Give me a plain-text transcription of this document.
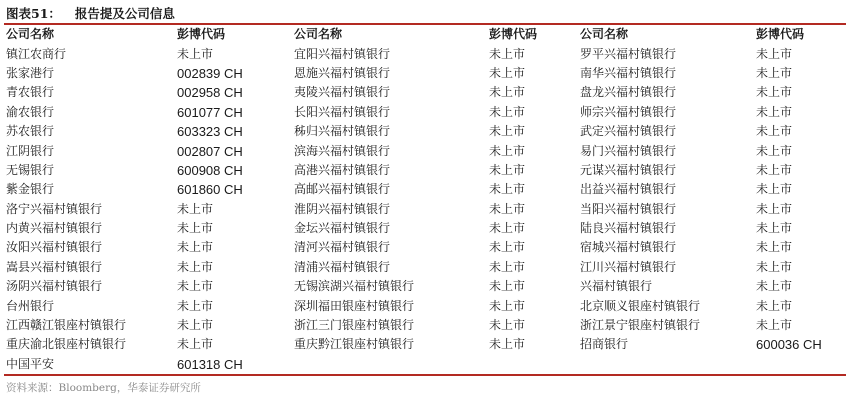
图表51： 报告提及公司信息
公司名称	彭博代码	公司名称	彭博代码	公司名称	彭博代码
镇江农商行	未上市	宜阳兴福村镇银行	未上市	罗平兴福村镇银行	未上市
张家港行	002839 CH	恩施兴福村镇银行	未上市	南华兴福村镇银行	未上市
青农银行	002958 CH	夷陵兴福村镇银行	未上市	盘龙兴福村镇银行	未上市
渝农银行	601077 CH	长阳兴福村镇银行	未上市	师宗兴福村镇银行	未上市
苏农银行	603323 CH	秭归兴福村镇银行	未上市	武定兴福村镇银行	未上市
江阴银行	002807 CH	滨海兴福村镇银行	未上市	易门兴福村镇银行	未上市
无锡银行	600908 CH	高港兴福村镇银行	未上市	元谋兴福村镇银行	未上市
紫金银行	601860 CH	高邮兴福村镇银行	未上市	岀益兴福村镇银行	未上市
洛宁兴福村镇银行	未上市	淮阴兴福村镇银行	未上市	当阳兴福村镇银行	未上市
内黄兴福村镇银行	未上市	金坛兴福村镇银行	未上市	陆良兴福村镇银行	未上市
汝阳兴福村镇银行	未上市	清河兴福村镇银行	未上市	宿城兴福村镇银行	未上市
嵩县兴福村镇银行	未上市	清浦兴福村镇银行	未上市	江川兴福村镇银行	未上市
汤阴兴福村镇银行	未上市	无锡滨湖兴福村镇银行	未上市	兴福村镇银行	未上市
台州银行	未上市	深圳福田银座村镇银行	未上市	北京顺义银座村镇银行	未上市
江西赣江银座村镇银行	未上市	浙江三门银座村镇银行	未上市	浙江景宁银座村镇银行	未上市
重庆渝北银座村镇银行	未上市	重庆黔江银座村镇银行	未上市	招商银行	600036 CH
中国平安	601318 CH				
资料来源：Bloomberg，华泰证券研究所
